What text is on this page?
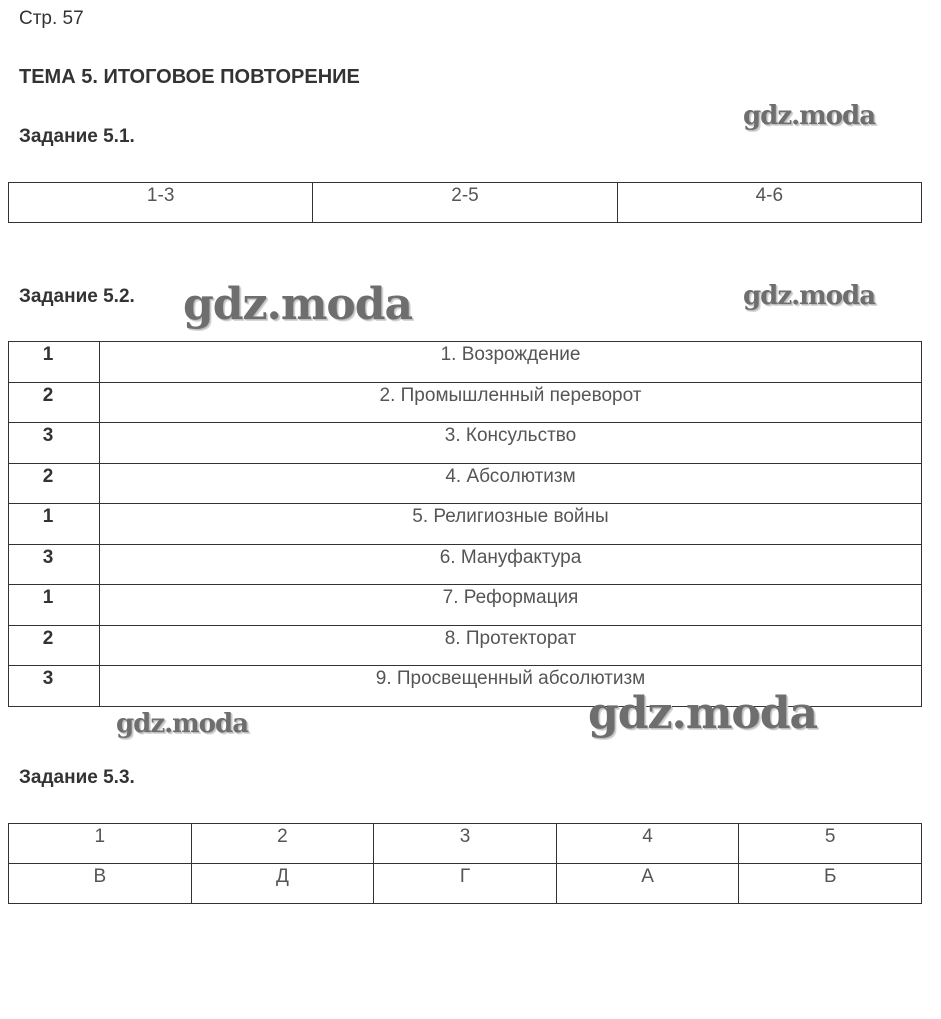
Стр. 57
ТЕМА 5. ИТОГОВОЕ ПОВТОРЕНИЕ
Задание 5.1.
gdz.moda
1-3	2-5	4-6
Задание 5.2. gdz.moda	gdz.moda
1	1. Возрождение
2	2. Промышленный переворот
3	3. Консульство
2	4. Абсолютизм
1	5. Религиозные войны
3	6. Мануфактура
1	7. Реформация
2	8. Протекторат
3	9. Просвещенный абсолютизм
gdz.moda	gdz.moda
Задание 5.3.
1	2	3	4	5
В	Д	Г	А	Б
